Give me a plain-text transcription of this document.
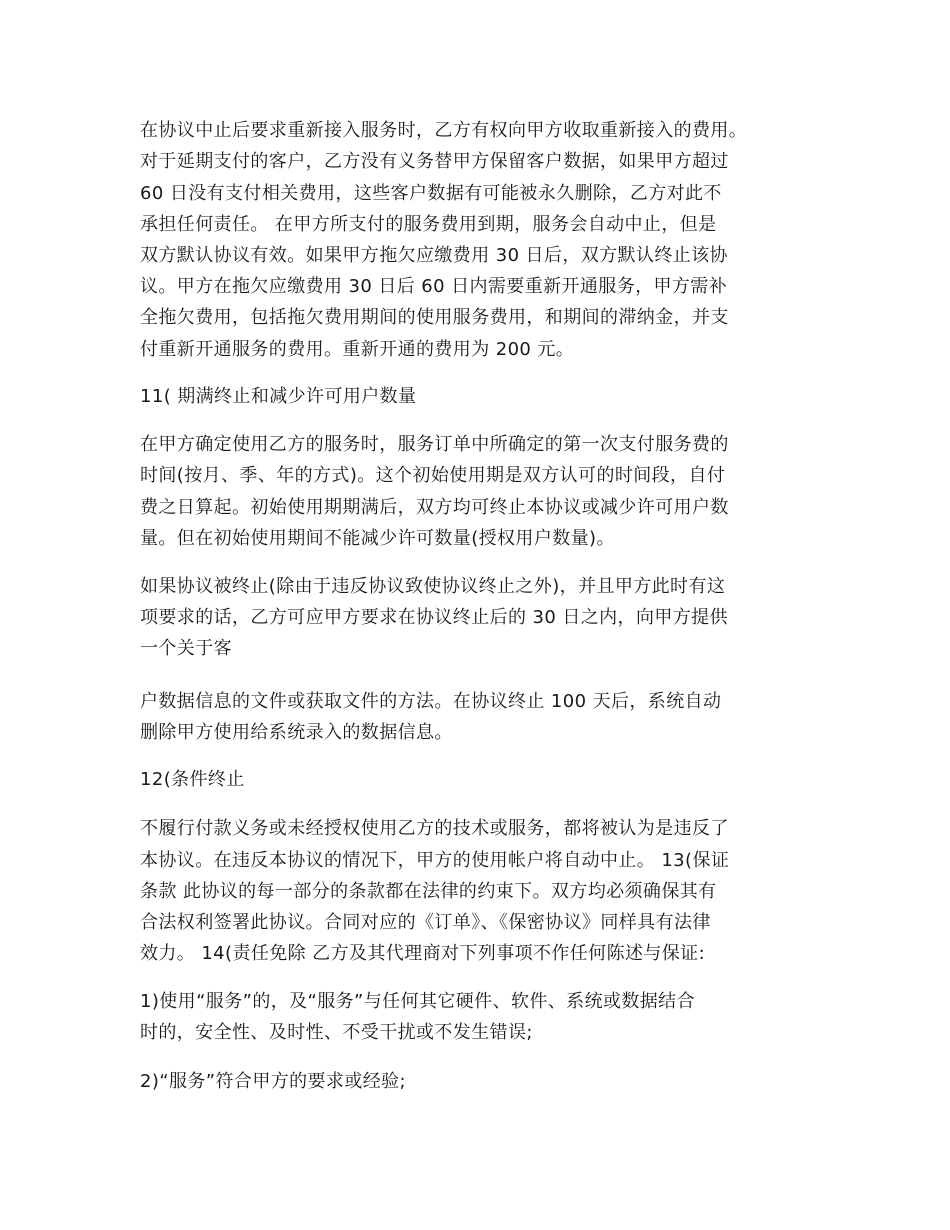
在协议中止后要求重新接入服务时，乙方有权向甲方收取重新接入的费用。

对于延期支付的客户，乙方没有义务替甲方保留客户数据，如果甲方超过

60 日没有支付相关费用，这些客户数据有可能被永久删除，乙方对此不

承担任何责任。 在甲方所支付的服务费用到期，服务会自动中止，但是

双方默认协议有效。如果甲方拖欠应缴费用 30 日后，双方默认终止该协

议。甲方在拖欠应缴费用 30 日后 60 日内需要重新开通服务，甲方需补

全拖欠费用，包括拖欠费用期间的使用服务费用，和期间的滞纳金，并支

付重新开通服务的费用。重新开通的费用为 200 元。

11( 期满终止和减少许可用户数量

在甲方确定使用乙方的服务时，服务订单中所确定的第一次支付服务费的

时间(按月、季、年的方式)。这个初始使用期是双方认可的时间段，自付

费之日算起。初始使用期期满后，双方均可终止本协议或减少许可用户数

量。但在初始使用期间不能减少许可数量(授权用户数量)。

如果协议被终止(除由于违反协议致使协议终止之外)，并且甲方此时有这

项要求的话，乙方可应甲方要求在协议终止后的 30 日之内，向甲方提供

一个关于客

户数据信息的文件或获取文件的方法。在协议终止 100 天后，系统自动

删除甲方使用给系统录入的数据信息。

12(条件终止

不履行付款义务或未经授权使用乙方的技术或服务，都将被认为是违反了

本协议。在违反本协议的情况下，甲方的使用帐户将自动中止。 13(保证

条款 此协议的每一部分的条款都在法律的约束下。双方均必须确保其有

合法权利签署此协议。合同对应的《订单》、《保密协议》同样具有法律

效力。 14(责任免除 乙方及其代理商对下列事项不作任何陈述与保证:

1)使用“服务”的，及“服务”与任何其它硬件、软件、系统或数据结合

时的，安全性、及时性、不受干扰或不发生错误;

2)“服务”符合甲方的要求或经验;
